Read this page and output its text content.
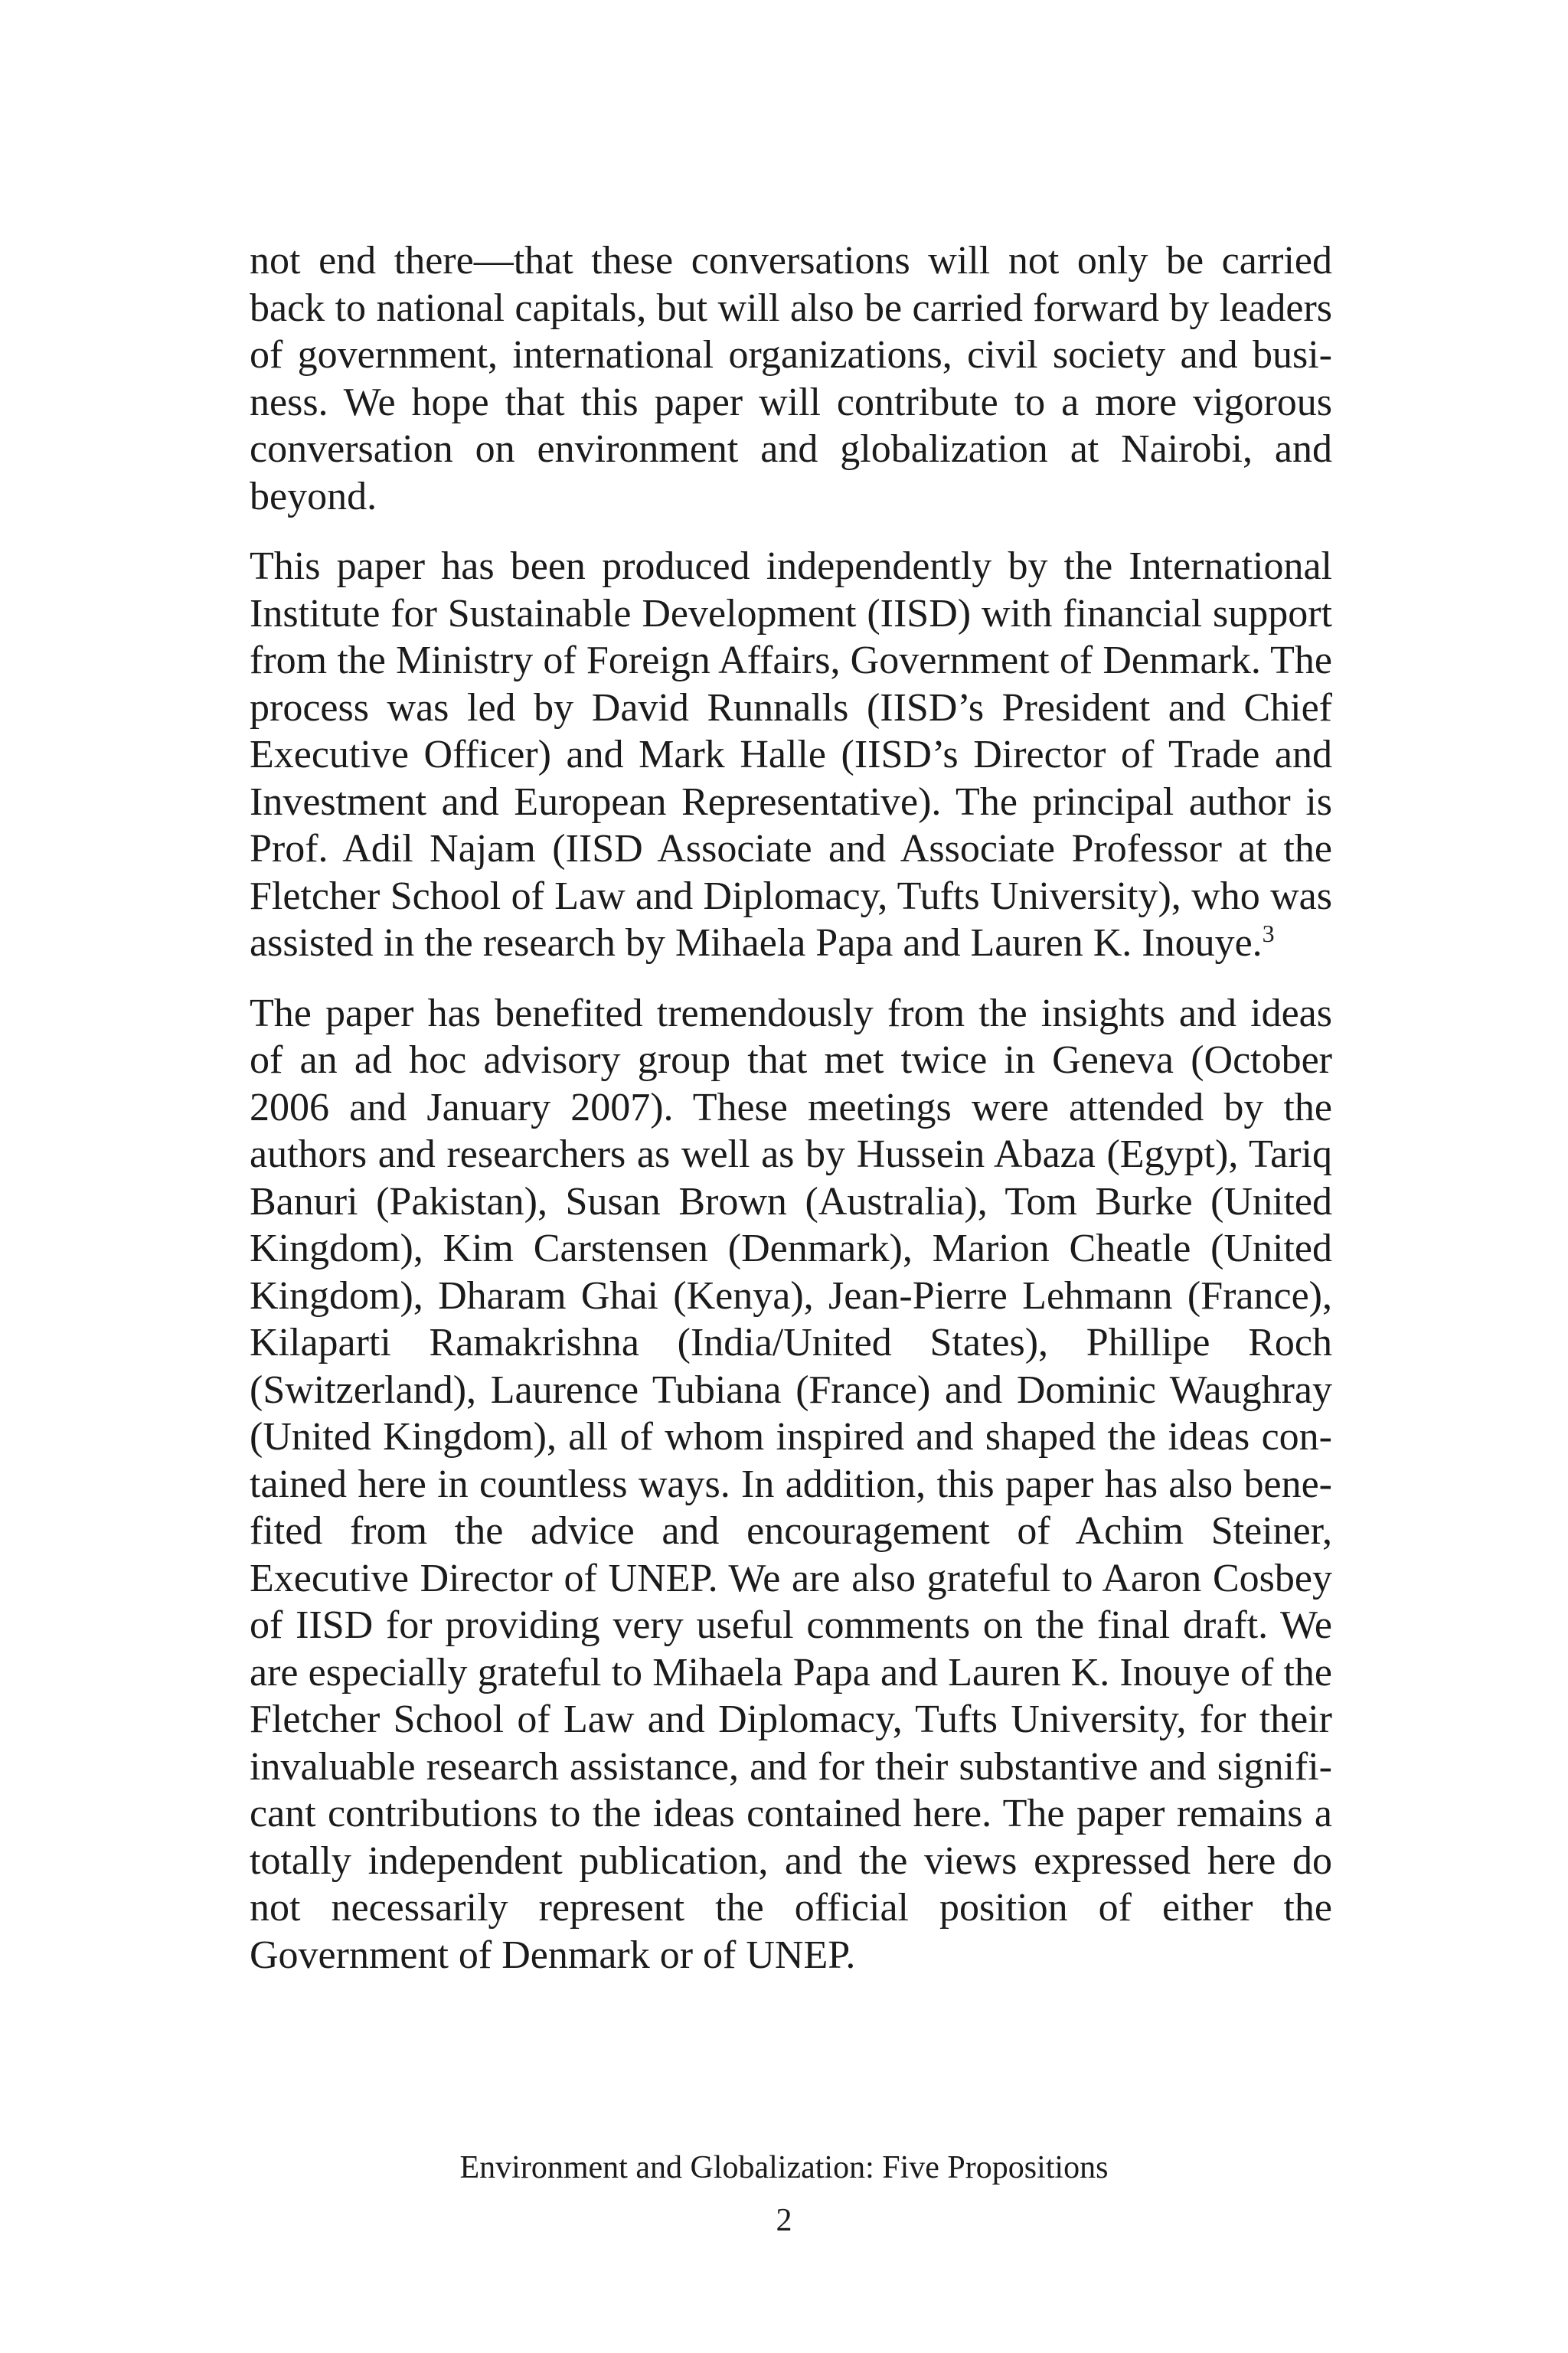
not end there—that these conversations will not only be carried back to national capitals, but will also be carried forward by leaders of government, international organizations, civil society and business. We hope that this paper will contribute to a more vigorous conversation on environment and globalization at Nairobi, and beyond.

This paper has been produced independently by the International Institute for Sustainable Development (IISD) with financial support from the Ministry of Foreign Affairs, Government of Denmark. The process was led by David Runnalls (IISD’s President and Chief Executive Officer) and Mark Halle (IISD’s Director of Trade and Investment and European Representative). The principal author is Prof. Adil Najam (IISD Associate and Associate Professor at the Fletcher School of Law and Diplomacy, Tufts University), who was assisted in the research by Mihaela Papa and Lauren K. Inouye.$^3$

The paper has benefited tremendously from the insights and ideas of an ad hoc advisory group that met twice in Geneva (October 2006 and January 2007). These meetings were attended by the authors and researchers as well as by Hussein Abaza (Egypt), Tariq Banuri (Pakistan), Susan Brown (Australia), Tom Burke (United Kingdom), Kim Carstensen (Denmark), Marion Cheatle (United Kingdom), Dharam Ghai (Kenya), Jean-Pierre Lehmann (France), Kilaparti Ramakrishna (India/United States), Phillipe Roch (Switzerland), Laurence Tubiana (France) and Dominic Waughray (United Kingdom), all of whom inspired and shaped the ideas contained here in countless ways. In addition, this paper has also benefited from the advice and encouragement of Achim Steiner, Executive Director of UNEP. We are also grateful to Aaron Cosbey of IISD for providing very useful comments on the final draft. We are especially grateful to Mihaela Papa and Lauren K. Inouye of the Fletcher School of Law and Diplomacy, Tufts University, for their invaluable research assistance, and for their substantive and significant contributions to the ideas contained here. The paper remains a totally independent publication, and the views expressed here do not necessarily represent the official position of either the Government of Denmark or of UNEP.

Environment and Globalization: Five Propositions
2
